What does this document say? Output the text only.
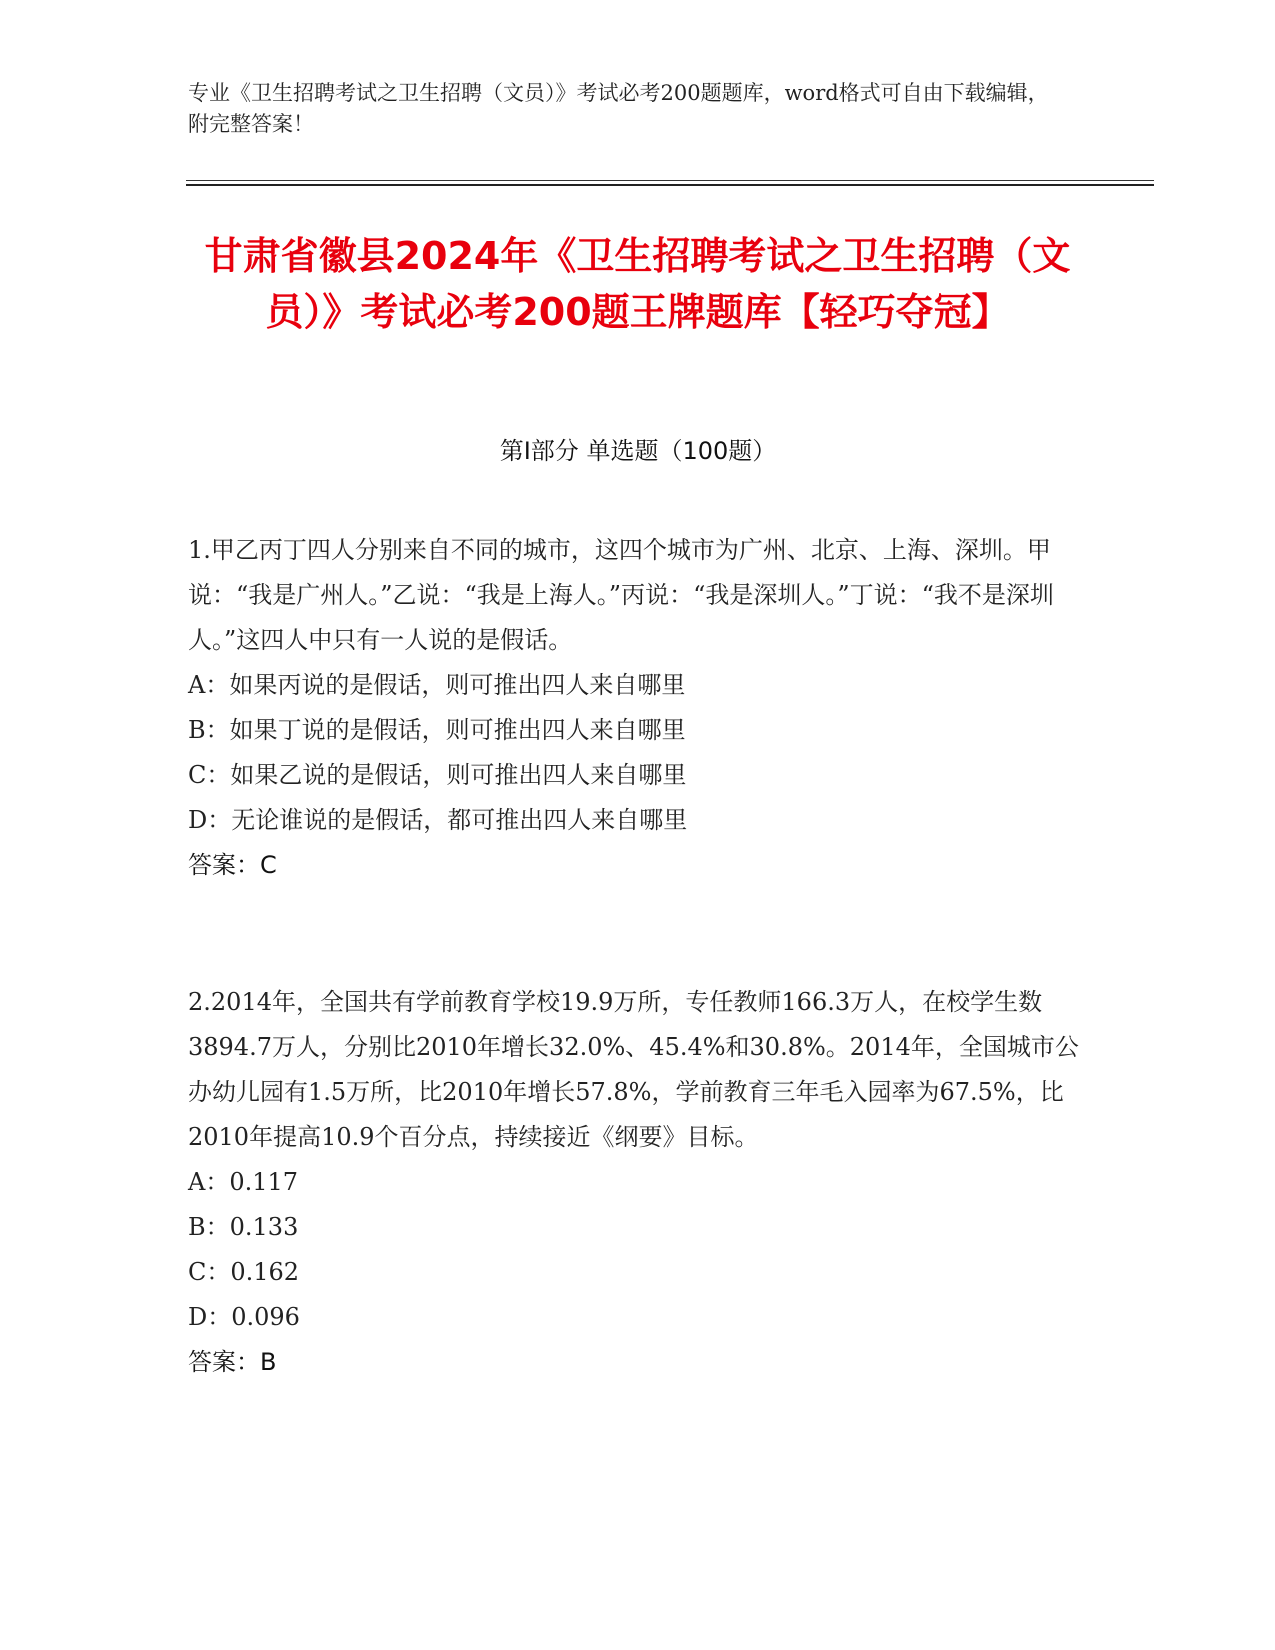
专业《卫生招聘考试之卫生招聘（文员）》考试必考200题题库，word格式可自由下载编辑，附完整答案！
甘肃省徽县2024年《卫生招聘考试之卫生招聘（文员）》考试必考200题王牌题库【轻巧夺冠】
第I部分 单选题（100题）

1.甲乙丙丁四人分别来自不同的城市，这四个城市为广州、北京、上海、深圳。甲说：“我是广州人。”乙说：“我是上海人。”丙说：“我是深圳人。”丁说：“我不是深圳人。”这四人中只有一人说的是假话。

A：如果丙说的是假话，则可推出四人来自哪里

B：如果丁说的是假话，则可推出四人来自哪里

C：如果乙说的是假话，则可推出四人来自哪里

D：无论谁说的是假话，都可推出四人来自哪里

答案：C

2.2014年，全国共有学前教育学校19.9万所，专任教师166.3万人，在校学生数3894.7万人，分别比2010年增长32.0%、45.4%和30.8%。2014年，全国城市公办幼儿园有1.5万所，比2010年增长57.8%，学前教育三年毛入园率为67.5%，比2010年提高10.9个百分点，持续接近《纲要》目标。

A：0.117

B：0.133

C：0.162

D：0.096

答案：B
